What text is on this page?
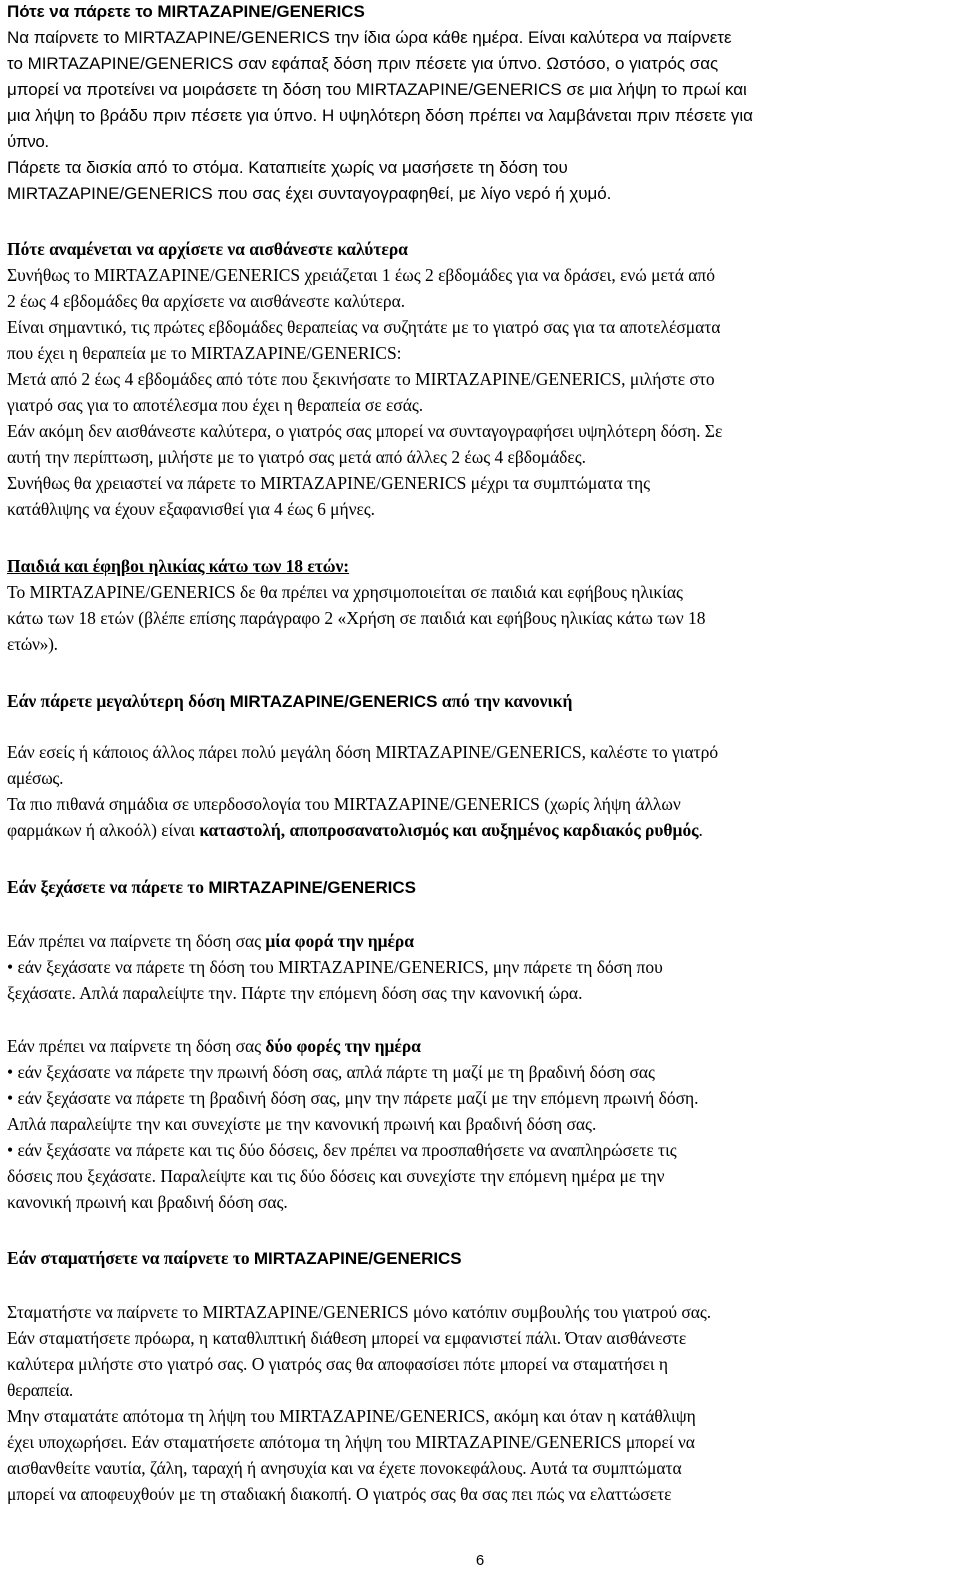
Πότε να πάρετε το MIRTAZAPINE/GENERICS
Να παίρνετε το MIRTAZAPINE/GENERICS την ίδια ώρα κάθε ημέρα. Είναι καλύτερα να παίρνετε
το MIRTAZAPINE/GENERICS σαν εφάπαξ δόση πριν πέσετε για ύπνο. Ωστόσο, ο γιατρός σας
μπορεί να προτείνει να μοιράσετε τη δόση του MIRTAZAPINE/GENERICS σε μια λήψη το πρωί και
μια λήψη το βράδυ πριν πέσετε για ύπνο. Η υψηλότερη δόση πρέπει να λαμβάνεται πριν πέσετε για
ύπνο.
Πάρετε τα δισκία από το στόμα. Καταπιείτε χωρίς να μασήσετε τη δόση του
MIRTAZAPINE/GENERICS που σας έχει συνταγογραφηθεί, με λίγο νερό ή χυμό.
Πότε αναμένεται να αρχίσετε να αισθάνεστε καλύτερα
Συνήθως το MIRTAZAPINE/GENERICS χρειάζεται 1 έως 2 εβδομάδες για να δράσει, ενώ μετά από
2 έως 4 εβδομάδες θα αρχίσετε να αισθάνεστε καλύτερα.
Είναι σημαντικό, τις πρώτες εβδομάδες θεραπείας να συζητάτε με το γιατρό σας για τα αποτελέσματα
που έχει η θεραπεία με το MIRTAZAPINE/GENERICS:
Μετά από 2 έως 4 εβδομάδες από τότε που ξεκινήσατε το MIRTAZAPINE/GENERICS, μιλήστε στο
γιατρό σας για το αποτέλεσμα που έχει η θεραπεία σε εσάς.
Εάν ακόμη δεν αισθάνεστε καλύτερα, ο γιατρός σας μπορεί να συνταγογραφήσει υψηλότερη δόση. Σε
αυτή την περίπτωση, μιλήστε με το γιατρό σας μετά από άλλες 2 έως 4 εβδομάδες.
Συνήθως θα χρειαστεί να πάρετε το MIRTAZAPINE/GENERICS μέχρι τα συμπτώματα της
κατάθλιψης να έχουν εξαφανισθεί για 4 έως 6 μήνες.
Παιδιά και έφηβοι ηλικίας κάτω των 18 ετών:
Το MIRTAZAPINE/GENERICS δε θα πρέπει να χρησιμοποιείται σε παιδιά και εφήβους ηλικίας
κάτω των 18 ετών (βλέπε επίσης παράγραφο 2 «Χρήση σε παιδιά και εφήβους ηλικίας κάτω των 18
ετών»).
Εάν πάρετε μεγαλύτερη δόση MIRTAZAPINE/GENERICS από την κανονική
Εάν εσείς ή κάποιος άλλος πάρει πολύ μεγάλη δόση MIRTAZAPINE/GENERICS, καλέστε το γιατρό
αμέσως.
Τα πιο πιθανά σημάδια σε υπερδοσολογία του MIRTAZAPINE/GENERICS (χωρίς λήψη άλλων
φαρμάκων ή αλκοόλ) είναι καταστολή, αποπροσανατολισμός και αυξημένος καρδιακός ρυθμός.
Εάν ξεχάσετε να πάρετε το MIRTAZAPINE/GENERICS
Εάν πρέπει να παίρνετε τη δόση σας μία φορά την ημέρα
• εάν ξεχάσατε να πάρετε τη δόση του MIRTAZAPINE/GENERICS, μην πάρετε τη δόση που
ξεχάσατε. Απλά παραλείψτε την. Πάρτε την επόμενη δόση σας την κανονική ώρα.
Εάν πρέπει να παίρνετε τη δόση σας δύο φορές την ημέρα
• εάν ξεχάσατε να πάρετε την πρωινή δόση σας, απλά πάρτε τη μαζί με τη βραδινή δόση σας
• εάν ξεχάσατε να πάρετε τη βραδινή δόση σας, μην την πάρετε μαζί με την επόμενη πρωινή δόση.
Απλά παραλείψτε την και συνεχίστε με την κανονική πρωινή και βραδινή δόση σας.
• εάν ξεχάσατε να πάρετε και τις δύο δόσεις, δεν πρέπει να προσπαθήσετε να αναπληρώσετε τις
δόσεις που ξεχάσατε. Παραλείψτε και τις δύο δόσεις και συνεχίστε την επόμενη ημέρα με την
κανονική πρωινή και βραδινή δόση σας.
Εάν σταματήσετε να παίρνετε το MIRTAZAPINE/GENERICS
Σταματήστε να παίρνετε το MIRTAZAPINE/GENERICS μόνο κατόπιν συμβουλής του γιατρού σας.
Εάν σταματήσετε πρόωρα, η καταθλιπτική διάθεση μπορεί να εμφανιστεί πάλι. Όταν αισθάνεστε
καλύτερα μιλήστε στο γιατρό σας. Ο γιατρός σας θα αποφασίσει πότε μπορεί να σταματήσει η
θεραπεία.
Μην σταματάτε απότομα τη λήψη του MIRTAZAPINE/GENERICS, ακόμη και όταν η κατάθλιψη
έχει υποχωρήσει. Εάν σταματήσετε απότομα τη λήψη του MIRTAZAPINE/GENERICS μπορεί να
αισθανθείτε ναυτία, ζάλη, ταραχή ή ανησυχία και να έχετε πονοκεφάλους. Αυτά τα συμπτώματα
μπορεί να αποφευχθούν με τη σταδιακή διακοπή. Ο γιατρός σας θα σας πει πώς να ελαττώσετε
6
